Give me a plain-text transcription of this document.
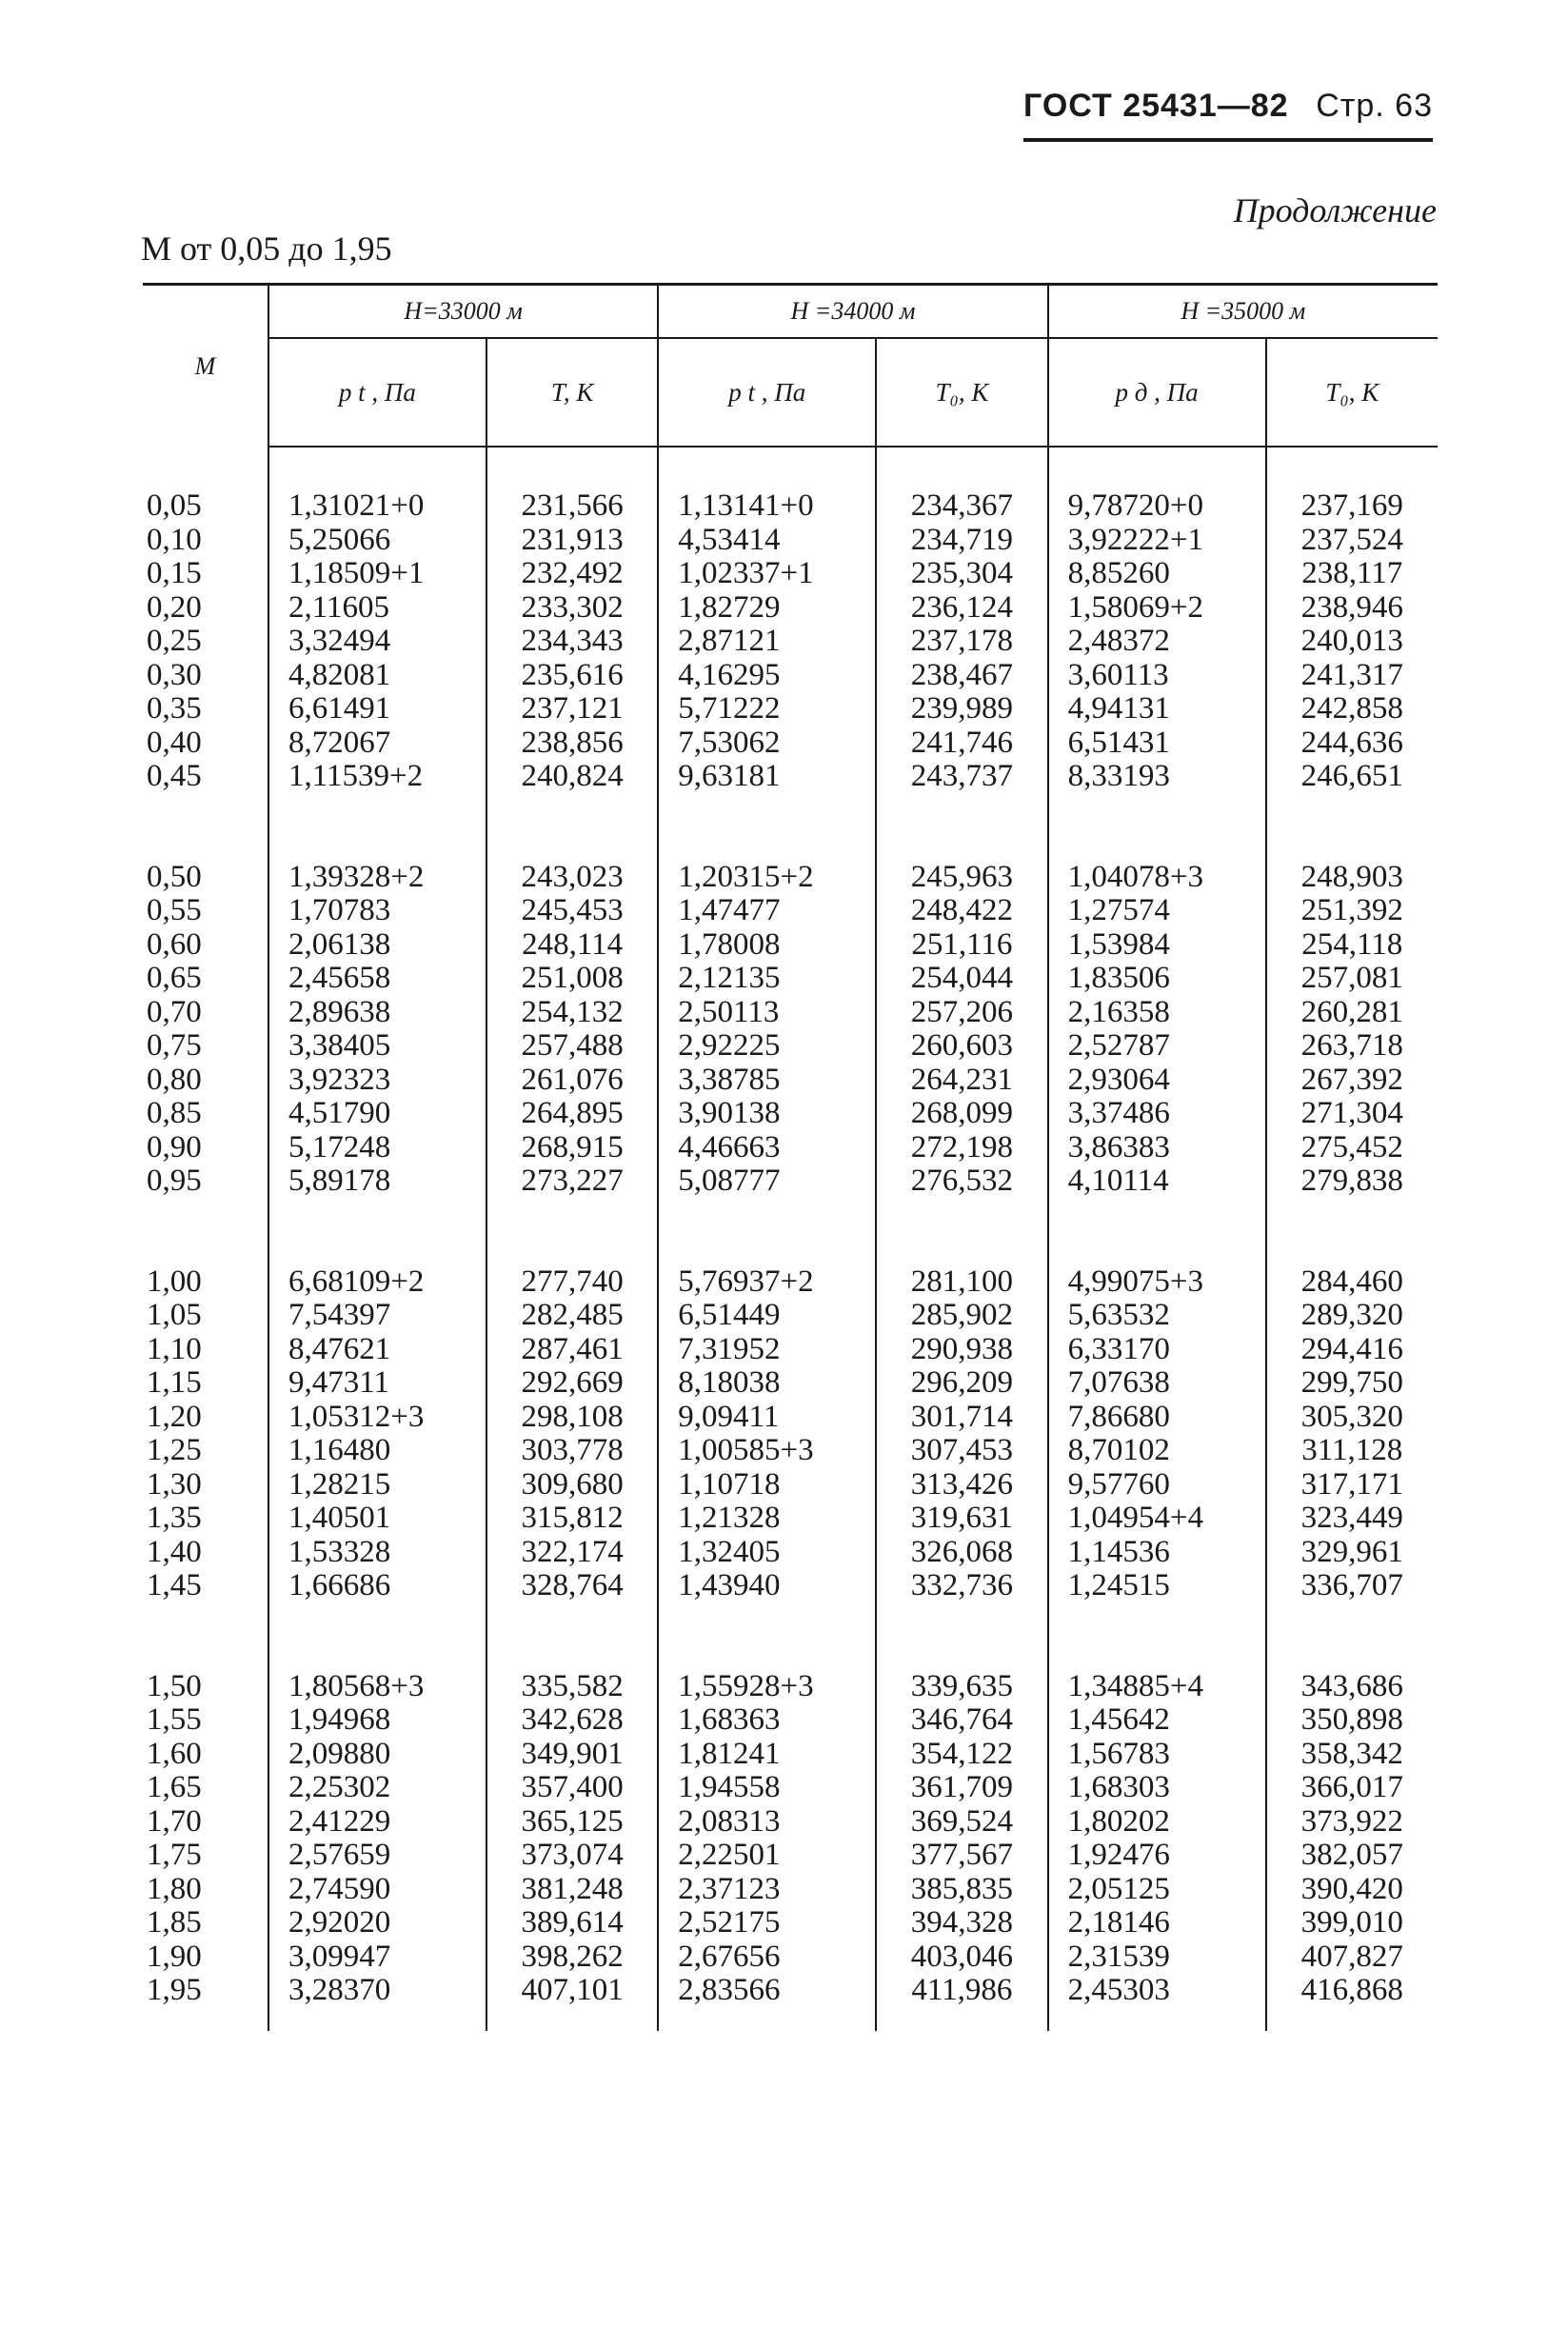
ГОСТ 25431—82 Стр. 63
Продолжение
М от 0,05 до 1,95
М	H=33000 м		H =34000 м		H =35000 м	
	p t , Па	T, К	p t , Па	T₀, К	p д , Па	T₀, К

0,05	1,31021+0	231,566	1,13141+0	234,367	9,78720+0	237,169
0,10	5,25066	231,913	4,53414	234,719	3,92222+1	237,524
0,15	1,18509+1	232,492	1,02337+1	235,304	8,85260	238,117
0,20	2,11605	233,302	1,82729	236,124	1,58069+2	238,946
0,25	3,32494	234,343	2,87121	237,178	2,48372	240,013
0,30	4,82081	235,616	4,16295	238,467	3,60113	241,317
0,35	6,61491	237,121	5,71222	239,989	4,94131	242,858
0,40	8,72067	238,856	7,53062	241,746	6,51431	244,636
0,45	1,11539+2	240,824	9,63181	243,737	8,33193	246,651

0,50	1,39328+2	243,023	1,20315+2	245,963	1,04078+3	248,903
0,55	1,70783	245,453	1,47477	248,422	1,27574	251,392
0,60	2,06138	248,114	1,78008	251,116	1,53984	254,118
0,65	2,45658	251,008	2,12135	254,044	1,83506	257,081
0,70	2,89638	254,132	2,50113	257,206	2,16358	260,281
0,75	3,38405	257,488	2,92225	260,603	2,52787	263,718
0,80	3,92323	261,076	3,38785	264,231	2,93064	267,392
0,85	4,51790	264,895	3,90138	268,099	3,37486	271,304
0,90	5,17248	268,915	4,46663	272,198	3,86383	275,452
0,95	5,89178	273,227	5,08777	276,532	4,10114	279,838

1,00	6,68109+2	277,740	5,76937+2	281,100	4,99075+3	284,460
1,05	7,54397	282,485	6,51449	285,902	5,63532	289,320
1,10	8,47621	287,461	7,31952	290,938	6,33170	294,416
1,15	9,47311	292,669	8,18038	296,209	7,07638	299,750
1,20	1,05312+3	298,108	9,09411	301,714	7,86680	305,320
1,25	1,16480	303,778	1,00585+3	307,453	8,70102	311,128
1,30	1,28215	309,680	1,10718	313,426	9,57760	317,171
1,35	1,40501	315,812	1,21328	319,631	1,04954+4	323,449
1,40	1,53328	322,174	1,32405	326,068	1,14536	329,961
1,45	1,66686	328,764	1,43940	332,736	1,24515	336,707

1,50	1,80568+3	335,582	1,55928+3	339,635	1,34885+4	343,686
1,55	1,94968	342,628	1,68363	346,764	1,45642	350,898
1,60	2,09880	349,901	1,81241	354,122	1,56783	358,342
1,65	2,25302	357,400	1,94558	361,709	1,68303	366,017
1,70	2,41229	365,125	2,08313	369,524	1,80202	373,922
1,75	2,57659	373,074	2,22501	377,567	1,92476	382,057
1,80	2,74590	381,248	2,37123	385,835	2,05125	390,420
1,85	2,92020	389,614	2,52175	394,328	2,18146	399,010
1,90	3,09947	398,262	2,67656	403,046	2,31539	407,827
1,95	3,28370	407,101	2,83566	411,986	2,45303	416,868
